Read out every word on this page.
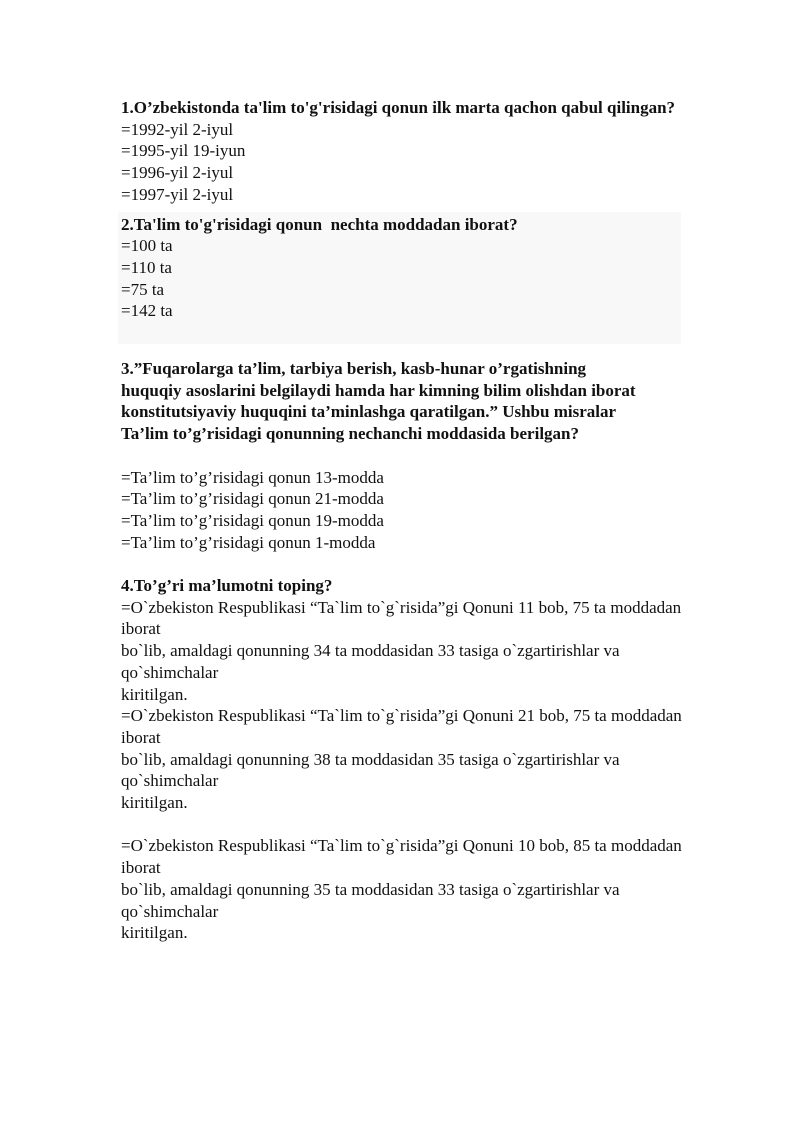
1.O’zbekistonda ta'lim to'g'risidagi qonun ilk marta qachon qabul qilingan?
=1992-yil 2-iyul
=1995-yil 19-iyun
=1996-yil 2-iyul
=1997-yil 2-iyul
2.Ta'lim to'g'risidagi qonun  nechta moddadan iborat?
=100 ta
=110 ta
=75 ta
=142 ta
3.”Fuqarolarga ta’lim, tarbiya berish, kasb-hunar o’rgatishning huquqiy asoslarini belgilaydi hamda har kimning bilim olishdan iborat konstitutsiyaviy huquqini ta’minlashga qaratilgan.” Ushbu misralar Ta’lim to’g’risidagi qonunning nechanchi moddasida berilgan?
=Ta’lim to’g’risidagi qonun 13-modda
=Ta’lim to’g’risidagi qonun 21-modda
=Ta’lim to’g’risidagi qonun 19-modda
=Ta’lim to’g’risidagi qonun 1-modda
4.To’g’ri ma’lumotni toping?
=O`zbekiston Respublikasi “Ta`lim to`g`risida”gi Qonuni 11 bob, 75 ta moddadan iborat
bo`lib, amaldagi qonunning 34 ta moddasidan 33 tasiga o`zgartirishlar va qo`shimchalar
kiritilgan.
=O`zbekiston Respublikasi “Ta`lim to`g`risida”gi Qonuni 21 bob, 75 ta moddadan iborat
bo`lib, amaldagi qonunning 38 ta moddasidan 35 tasiga o`zgartirishlar va qo`shimchalar
kiritilgan.
=O`zbekiston Respublikasi “Ta`lim to`g`risida”gi Qonuni 10 bob, 85 ta moddadan iborat
bo`lib, amaldagi qonunning 35 ta moddasidan 33 tasiga o`zgartirishlar va qo`shimchalar
kiritilgan.
